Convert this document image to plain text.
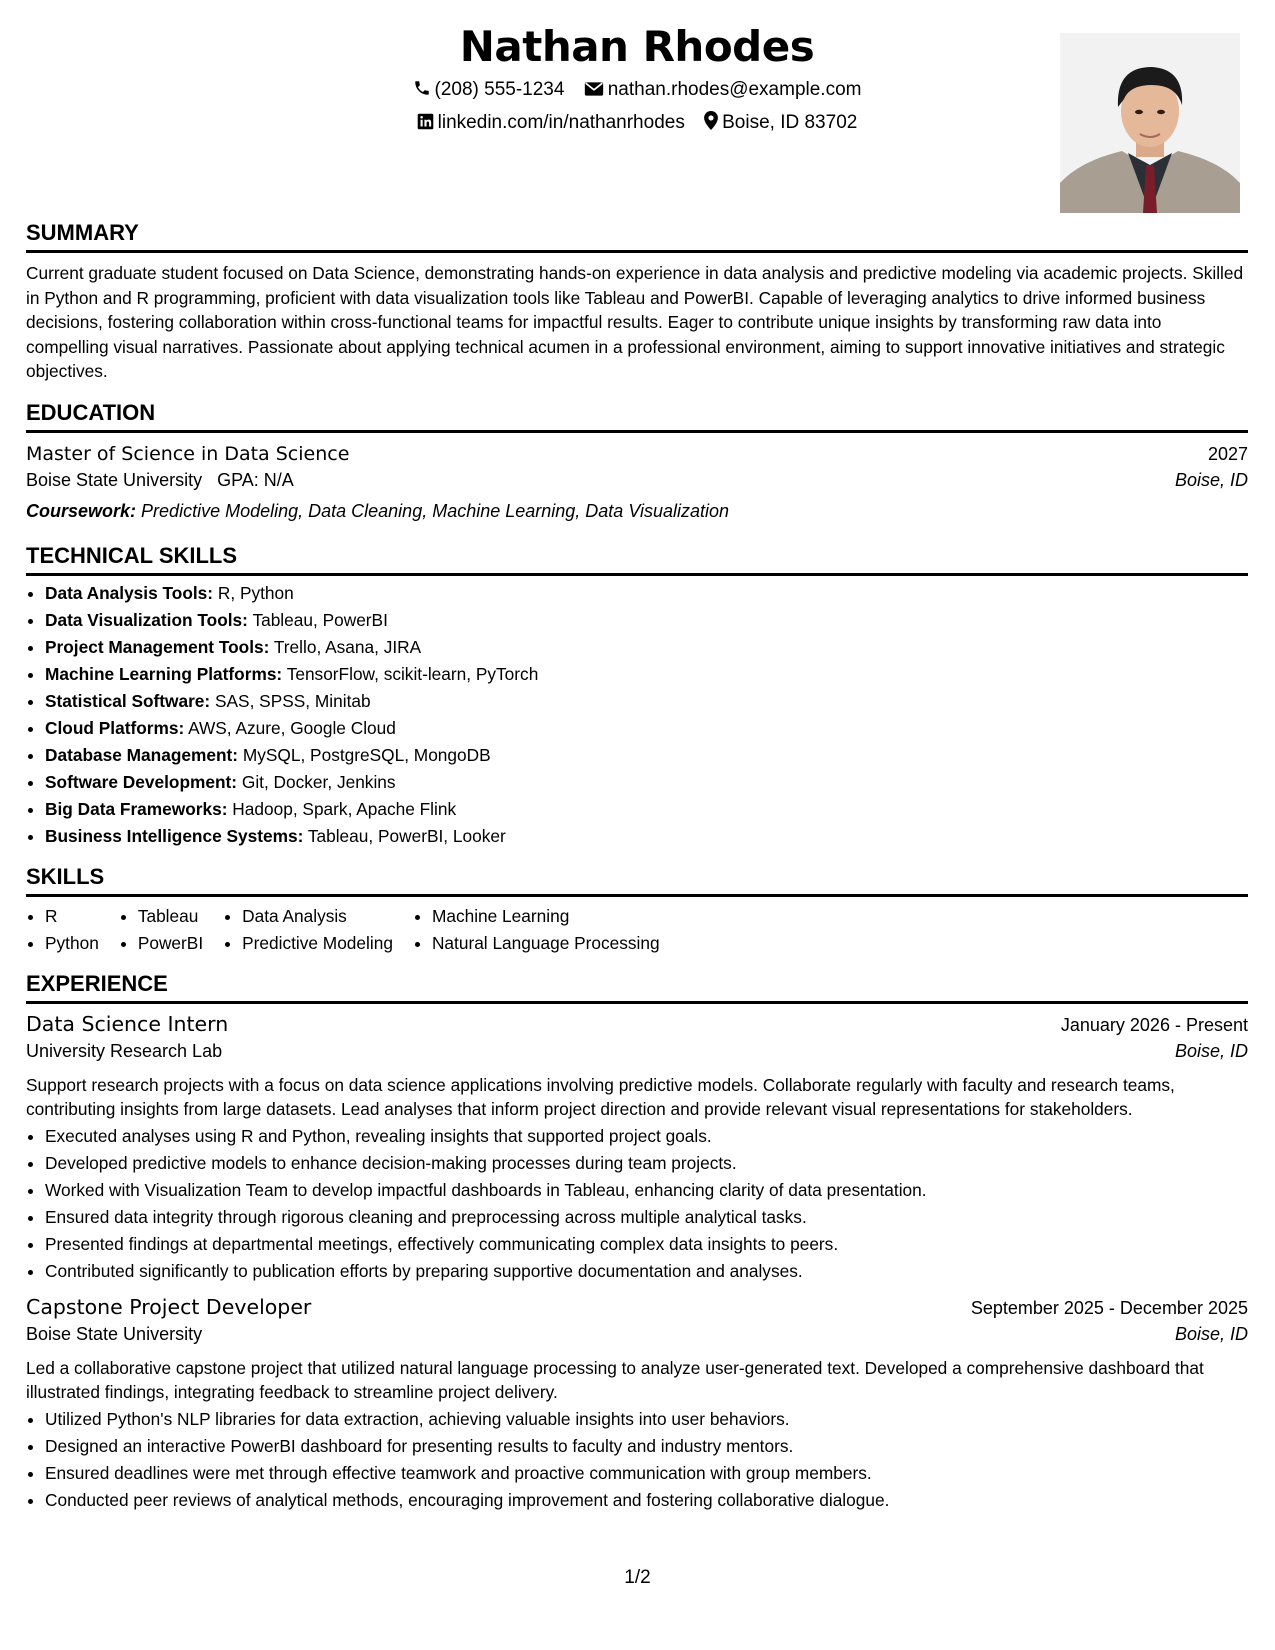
Nathan Rhodes
(208) 555-1234 nathan.rhodes@example.com
linkedin.com/in/nathanrhodes Boise, ID 83702
SUMMARY
Current graduate student focused on Data Science, demonstrating hands-on experience in data analysis and predictive modeling via academic projects. Skilled in Python and R programming, proficient with data visualization tools like Tableau and PowerBI. Capable of leveraging analytics to drive informed business decisions, fostering collaboration within cross-functional teams for impactful results. Eager to contribute unique insights by transforming raw data into compelling visual narratives. Passionate about applying technical acumen in a professional environment, aiming to support innovative initiatives and strategic objectives.
EDUCATION
Master of Science in Data Science	2027
Boise State University GPA: N/A	Boise, ID
Coursework: Predictive Modeling, Data Cleaning, Machine Learning, Data Visualization
TECHNICAL SKILLS
• Data Analysis Tools: R, Python
• Data Visualization Tools: Tableau, PowerBI
• Project Management Tools: Trello, Asana, JIRA
• Machine Learning Platforms: TensorFlow, scikit-learn, PyTorch
• Statistical Software: SAS, SPSS, Minitab
• Cloud Platforms: AWS, Azure, Google Cloud
• Database Management: MySQL, PostgreSQL, MongoDB
• Software Development: Git, Docker, Jenkins
• Big Data Frameworks: Hadoop, Spark, Apache Flink
• Business Intelligence Systems: Tableau, PowerBI, Looker
SKILLS
• R
• Python
• Tableau
• PowerBI
• Data Analysis
• Predictive Modeling
• Machine Learning
• Natural Language Processing
EXPERIENCE
Data Science Intern	January 2026 - Present
University Research Lab	Boise, ID
Support research projects with a focus on data science applications involving predictive models. Collaborate regularly with faculty and research teams, contributing insights from large datasets. Lead analyses that inform project direction and provide relevant visual representations for stakeholders.
• Executed analyses using R and Python, revealing insights that supported project goals.
• Developed predictive models to enhance decision-making processes during team projects.
• Worked with Visualization Team to develop impactful dashboards in Tableau, enhancing clarity of data presentation.
• Ensured data integrity through rigorous cleaning and preprocessing across multiple analytical tasks.
• Presented findings at departmental meetings, effectively communicating complex data insights to peers.
• Contributed significantly to publication efforts by preparing supportive documentation and analyses.
Capstone Project Developer	September 2025 - December 2025
Boise State University	Boise, ID
Led a collaborative capstone project that utilized natural language processing to analyze user-generated text. Developed a comprehensive dashboard that illustrated findings, integrating feedback to streamline project delivery.
• Utilized Python's NLP libraries for data extraction, achieving valuable insights into user behaviors.
• Designed an interactive PowerBI dashboard for presenting results to faculty and industry mentors.
• Ensured deadlines were met through effective teamwork and proactive communication with group members.
• Conducted peer reviews of analytical methods, encouraging improvement and fostering collaborative dialogue.
1/2
